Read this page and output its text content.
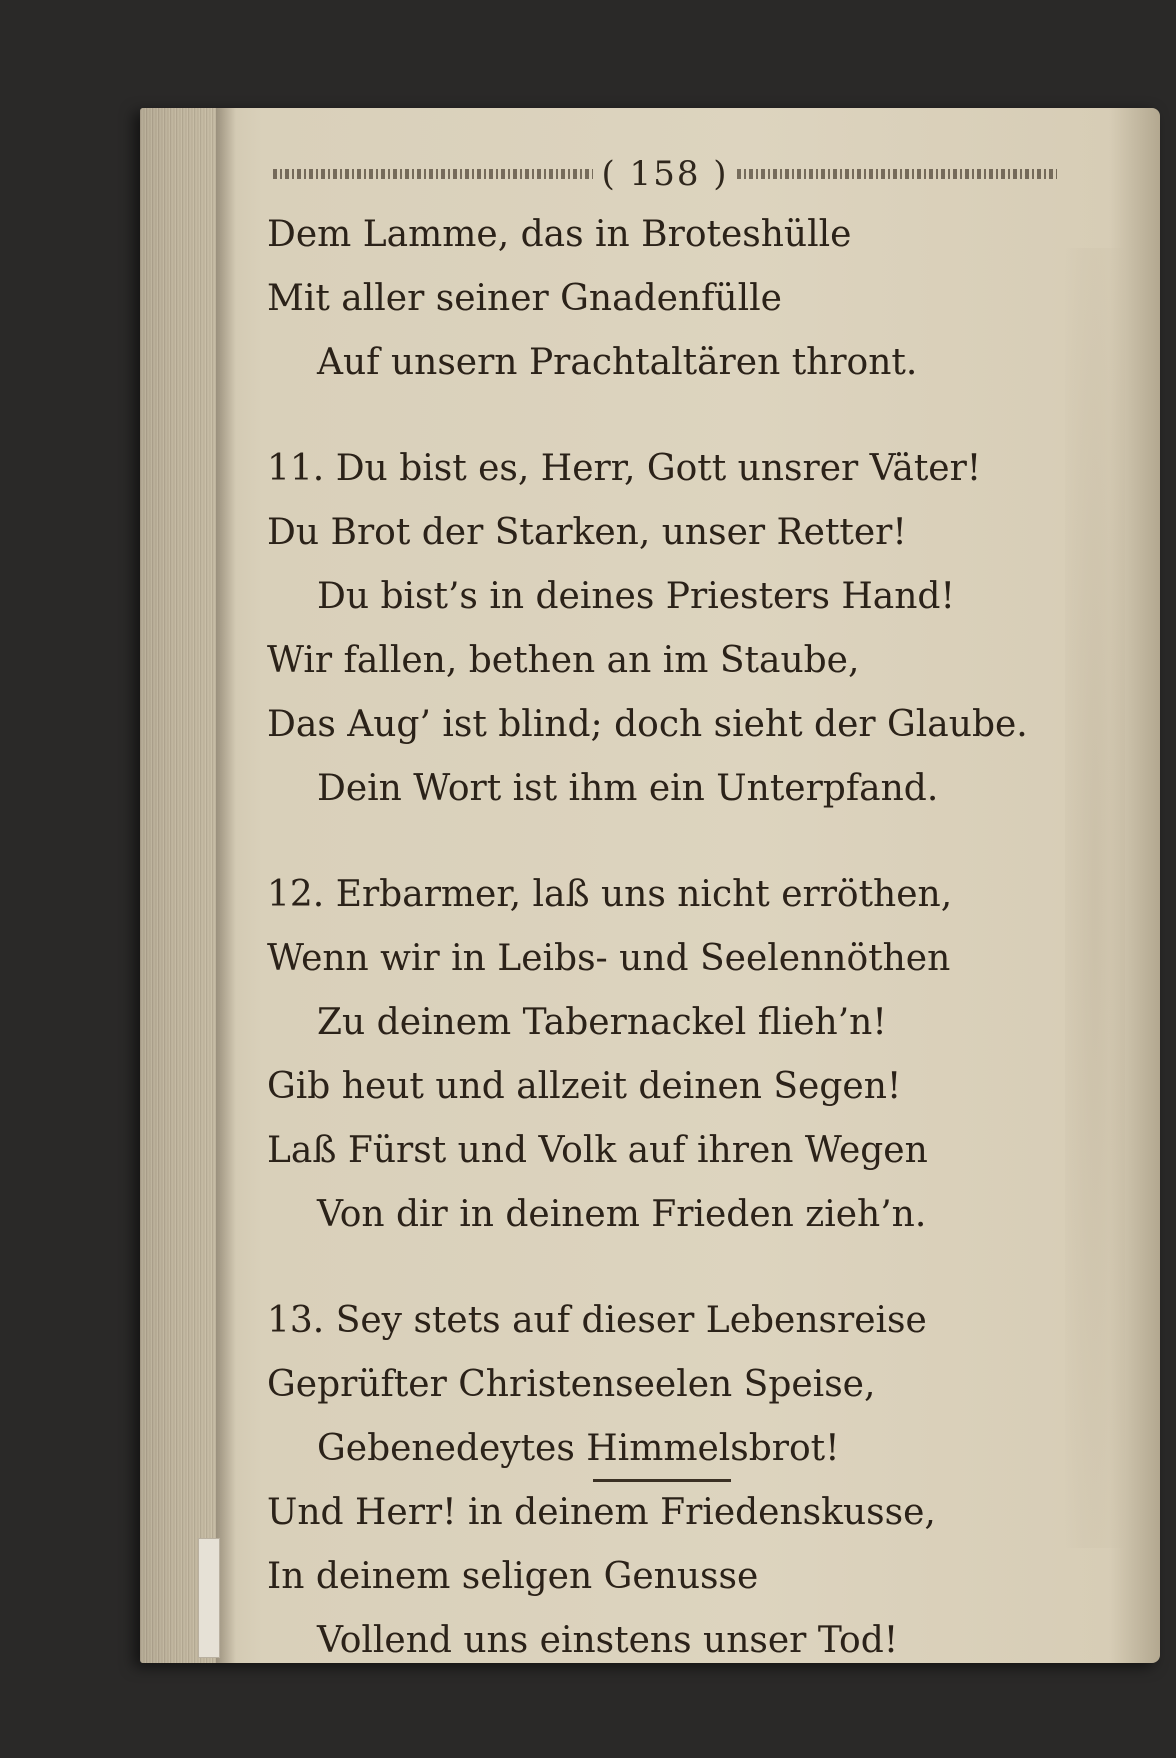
( 158 )
Dem Lamme, das in Broteshülle
Mit aller seiner Gnadenfülle
Auf unsern Prachtaltären thront.
11. Du bist es, Herr, Gott unsrer Väter!
Du Brot der Starken, unser Retter!
Du bist’s in deines Priesters Hand!
Wir fallen, bethen an im Staube,
Das Aug’ ist blind; doch sieht der Glaube.
Dein Wort ist ihm ein Unterpfand.
12. Erbarmer, laß uns nicht erröthen,
Wenn wir in Leibs- und Seelennöthen
Zu deinem Tabernackel flieh’n!
Gib heut und allzeit deinen Segen!
Laß Fürst und Volk auf ihren Wegen
Von dir in deinem Frieden zieh’n.
13. Sey stets auf dieser Lebensreise
Geprüfter Christenseelen Speise,
Gebenedeytes Himmelsbrot!
Und Herr! in deinem Friedenskusse,
In deinem seligen Genusse
Vollend uns einstens unser Tod!
